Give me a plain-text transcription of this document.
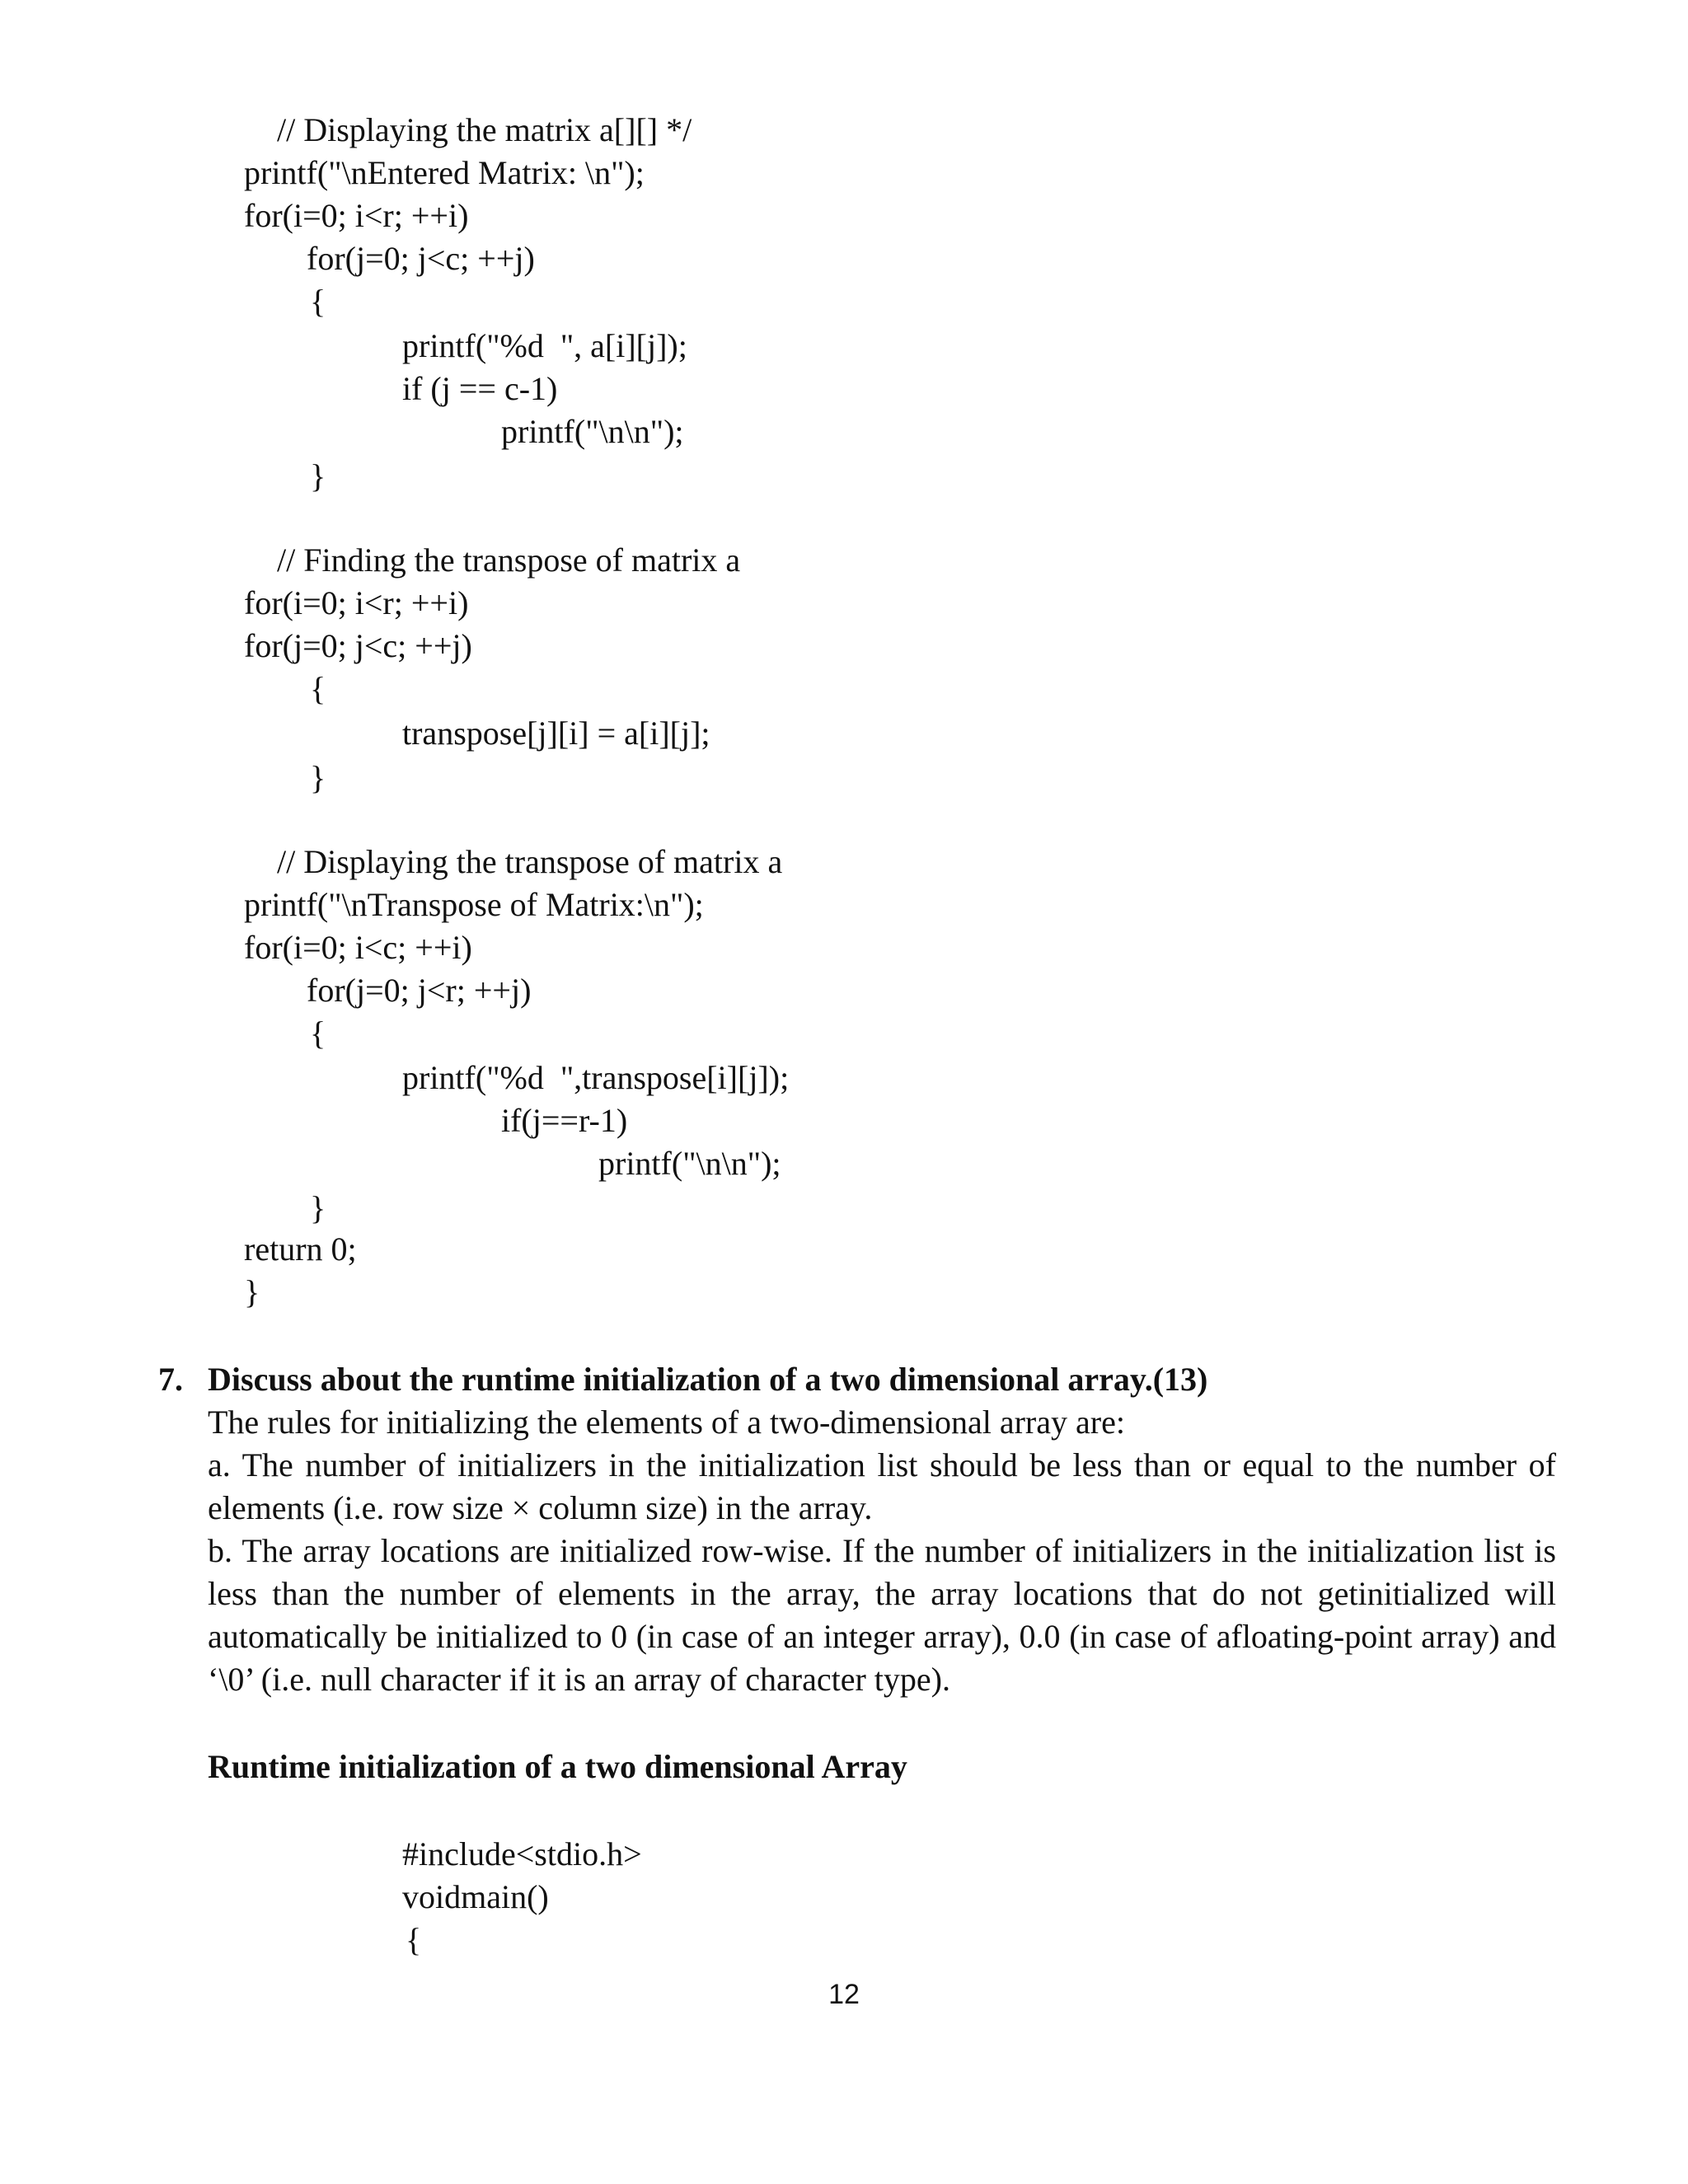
// Displaying the matrix a[][] */
printf("\nEntered Matrix: \n");
for(i=0; i<r; ++i)
for(j=0; j<c; ++j)
{
printf("%d  ", a[i][j]);
if (j == c-1)
printf("\n\n");
}
// Finding the transpose of matrix a
for(i=0; i<r; ++i)
for(j=0; j<c; ++j)
{
transpose[j][i] = a[i][j];
}
// Displaying the transpose of matrix a
printf("\nTranspose of Matrix:\n");
for(i=0; i<c; ++i)
for(j=0; j<r; ++j)
{
printf("%d  ",transpose[i][j]);
if(j==r-1)
printf("\n\n");
}
return 0;
}
7. Discuss about the runtime initialization of a two dimensional array.(13)
The rules for initializing the elements of a two-dimensional array are:
a. The number of initializers in the initialization list should be less than or equal to the number of elements (i.e. row size × column size) in the array.
b. The array locations are initialized row-wise. If the number of initializers in the initialization list is less than the number of elements in the array, the array locations that do not getinitialized will automatically be initialized to 0 (in case of an integer array), 0.0 (in case of afloating-point array) and ‘\0’ (i.e. null character if it is an array of character type).
Runtime initialization of a two dimensional Array
#include<stdio.h>
voidmain()
{
12
